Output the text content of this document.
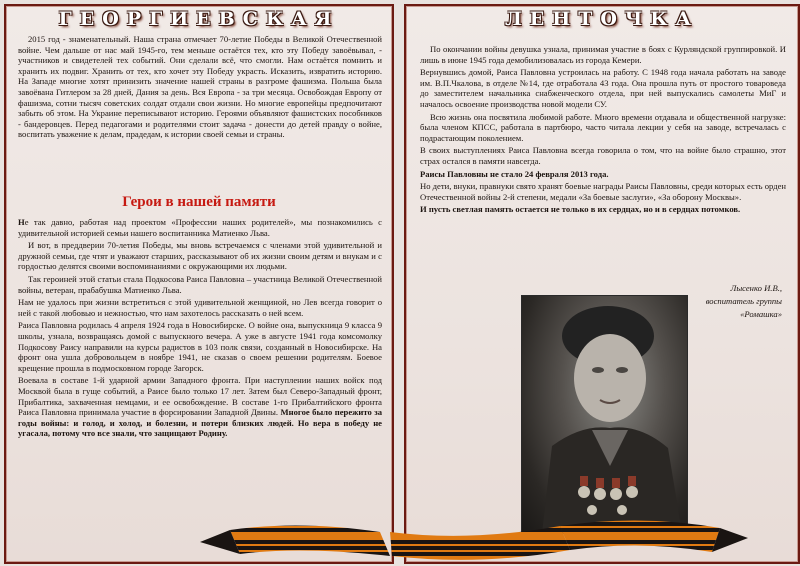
ГЕОРГИЕВСКАЯ

2015 год - знаменательный. Наша страна отмечает 70-летие Победы в Великой Отечественной войне. Чем дальше от нас май 1945-го, тем меньше остаётся тех, кто эту Победу завоёвывал, - участников и свидетелей тех событий. Они сделали всё, что смогли. Нам остаётся помнить и хранить их подвиг. Хранить от тех, кто хочет эту Победу украсть. Исказить, извратить историю. На Западе многие хотят принизить значение нашей страны в разгроме фашизма. Польша была завоёвана Гитлером за 28 дней, Дания за день. Вся Европа - за три месяца. Освобождая Европу от фашизма, сотни тысяч советских солдат отдали свои жизни. Но многие европейцы предпочитают забыть об этом. На Украине переписывают историю. Героями объявляют фашистских пособников - бандеровцев. Перед педагогами и родителями стоит задача - донести до детей правду о войне, воспитать уважение к делам, прадедам, к истории своей семьи и страны.

Герои в нашей памяти

Не так давно, работая над проектом «Профессии наших родителей», мы познакомились с удивительной историей семьи нашего воспитанника Матиенко Льва.

И вот, в преддверии 70-летия Победы, мы вновь встречаемся с членами этой удивительной и дружной семьи, где чтят и уважают старших, рассказывают об их жизни своим детям и внукам и с гордостью делятся своими воспоминаниями с окружающими их людьми.

Так героиней этой статьи стала Подкосова Раиса Павловна – участница Великой Отечественной войны, ветеран, прабабушка Матиенко Льва.

Нам не удалось при жизни встретиться с этой удивительной женщиной, но Лев всегда говорит о ней с такой любовью и нежностью, что нам захотелось рассказать о ней всем.

Раиса Павловна родилась 4 апреля 1924 года в Новосибирске. О войне она, выпускница 9 класса 9 школы, узнала, возвращаясь домой с выпускного вечера. А уже в августе 1941 года комсомолку Подкосову Раису направили на курсы радистов в 103 полк связи, созданный в Новосибирске. На фронт она ушла добровольцем в ноябре 1941, не сказав о своем решении родителям. Боевое крещение прошла в подмосковном городе Загорск.

Воевала в составе 1-й ударной армии Западного фронта. При наступлении наших войск под Москвой была в гуще событий, а Раисе было только 17 лет. Затем был Северо-Западный фронт, Прибалтика, захваченная немцами, и ее освобождение. В составе 1-го Прибалтийского фронта Раиса Павловна принимала участие в форсировании Западной Двины. Многое было пережито за годы войны: и голод, и холод, и болезни, и потери близких людей. Но вера в победу не угасала, потому что все знали, что защищают Родину.

ЛЕНТОЧКА

По окончании войны девушка узнала, принимая участие в боях с Курляндской группировкой. И лишь в июне 1945 года демобилизовалась из города Кемери.

Вернувшись домой, Раиса Павловна устроилась на работу. С 1948 года начала работать на заводе им. В.П.Чкалова, в отделе №14, где отработала 43 года. Она прошла путь от простого товароведа до заместителем начальника снабженческого отдела, при ней выпускались самолеты МиГ и началось освоение производства новой модели СУ.

Всю жизнь она посвятила любимой работе. Много времени отдавала и общественной нагрузке: была членом КПСС, работала в партбюро, часто читала лекции у себя на заводе, встречалась с подрастающим поколением.

В своих выступлениях Раиса Павловна всегда говорила о том, что на войне было страшно, этот страх остался в памяти навсегда.

Раисы Павловны не стало 24 февраля 2013 года.

Но дети, внуки, правнуки свято хранят боевые награды Раисы Павловны, среди которых есть орден Отечественной войны 2-й степени, медали «За боевые заслуги», «За оборону Москвы».

И пусть светлая память остается не только в их сердцах, но и в сердцах потомков.

Лысенко И.В.,
воспитатель группы
«Ромашка»
